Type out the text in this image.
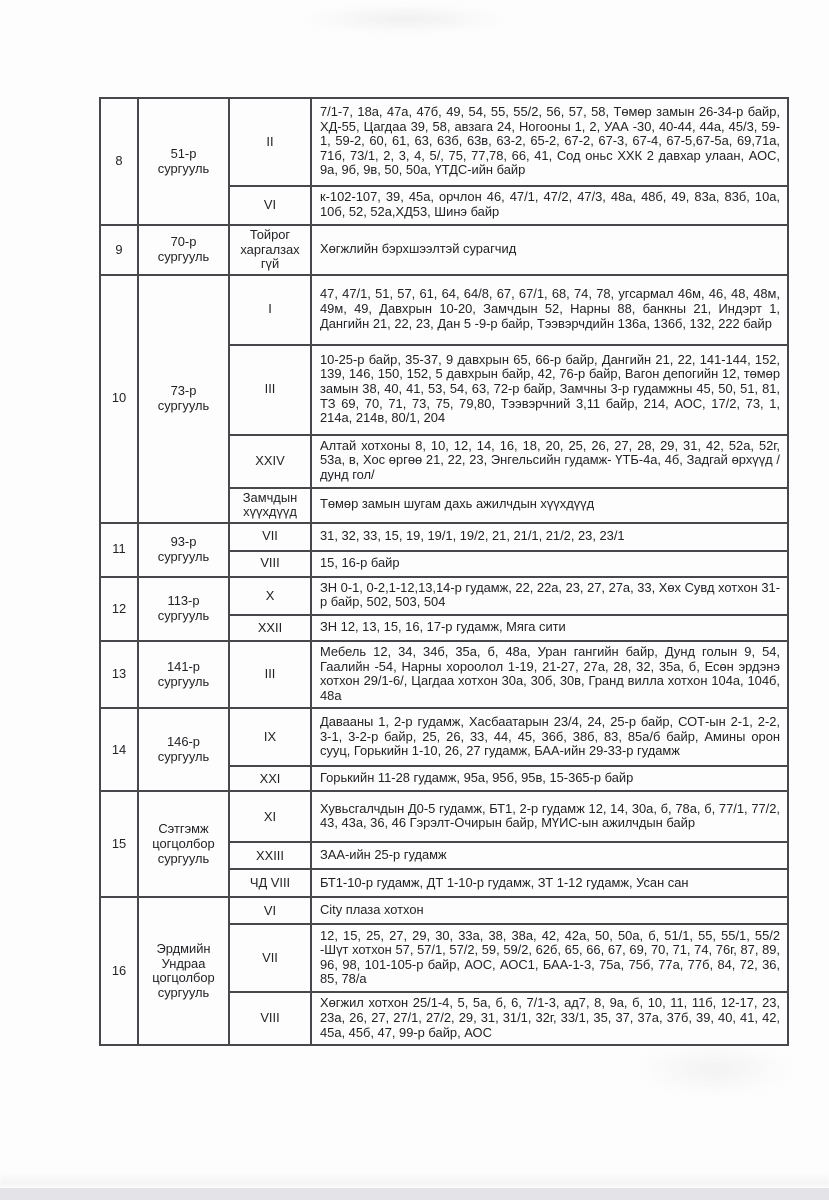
8	51-р сургууль	II	7/1-7, 18а, 47а, 47б, 49, 54, 55, 55/2, 56, 57, 58, Төмөр замын 26-34-р байр, ХД-55, Цагдаа 39, 58, авзага 24, Ногооны 1, 2, УАА -30, 40-44, 44а, 45/3, 59-1, 59-2, 60, 61, 63, 63б, 63в, 63-2, 65-2, 67-2, 67-3, 67-4, 67-5,67-5а, 69,71а, 71б, 73/1, 2, 3, 4, 5/, 75, 77,78, 66, 41, Сод оньс ХХК 2 давхар улаан, АОС, 9а, 9б, 9в, 50, 50а, ҮТДС-ийн байр
		VI	к-102-107, 39, 45а, орчлон 46, 47/1, 47/2, 47/3, 48а, 48б, 49, 83а, 83б, 10а, 10б, 52, 52а,ХД53, Шинэ байр
9	70-р сургууль	Тойрог харгалзах гүй	Хөгжлийн бэрхшээлтэй сурагчид
10	73-р сургууль	I	47, 47/1, 51, 57, 61, 64, 64/8, 67, 67/1, 68, 74, 78, угсармал 46м, 46, 48, 48м, 49м, 49, Давхрын 10-20, Замчдын 52, Нарны 88, банкны 21, Индэрт 1, Дангийн 21, 22, 23, Дан 5 -9-р байр, Тээвэрчдийн 136а, 136б, 132, 222 байр
		III	10-25-р байр, 35-37, 9 давхрын 65, 66-р байр, Дангийн 21, 22, 141-144, 152, 139, 146, 150, 152, 5 давхрын байр, 42, 76-р байр, Вагон депогийн 12, төмөр замын 38, 40, 41, 53, 54, 63, 72-р байр, Замчны 3-р гудамжны 45, 50, 51, 81, ТЗ 69, 70, 71, 73, 75, 79,80, Тээвэрчний 3,11 байр, 214, АОС, 17/2, 73, 1, 214а, 214в, 80/1, 204
		XXIV	Алтай хотхоны 8, 10, 12, 14, 16, 18, 20, 25, 26, 27, 28, 29, 31, 42, 52а, 52г, 53а, в, Хос өргөө 21, 22, 23, Энгельсийн гудамж- ҮТБ-4а, 4б, Задгай өрхүүд /дунд гол/
		Замчдын хүүхдүүд	Төмөр замын шугам дахь ажилчдын хүүхдүүд
11	93-р сургууль	VII	31, 32, 33, 15, 19, 19/1, 19/2, 21, 21/1, 21/2, 23, 23/1
		VIII	15, 16-р байр
12	113-р сургууль	X	ЗН 0-1, 0-2,1-12,13,14-р гудамж, 22, 22а, 23, 27, 27а, 33, Хөх Сувд хотхон 31-р байр, 502, 503, 504
		XXII	ЗН 12, 13, 15, 16, 17-р гудамж, Мяга сити
13	141-р сургууль	III	Мебель 12, 34, 34б, 35а, б, 48а, Уран гангийн байр, Дунд голын 9, 54, Гаалийн -54, Нарны хороолол 1-19, 21-27, 27а, 28, 32, 35а, б, Есөн эрдэнэ хотхон 29/1-6/, Цагдаа хотхон 30а, 30б, 30в, Гранд вилла хотхон 104а, 104б, 48а
14	146-р сургууль	IX	Давааны 1, 2-р гудамж, Хасбаатарын 23/4, 24, 25-р байр, СОТ-ын 2-1, 2-2, 3-1, 3-2-р байр, 25, 26, 33, 44, 45, 36б, 38б, 83, 85а/б байр, Амины орон сууц, Горькийн 1-10, 26, 27 гудамж, БАА-ийн 29-33-р гудамж
		XXI	Горькийн 11-28 гудамж, 95а, 95б, 95в, 15-365-р байр
15	Сэтгэмж цогцолбор сургууль	XI	Хувьсгалчдын Д0-5 гудамж, БТ1, 2-р гудамж 12, 14, 30а, б, 78а, б, 77/1, 77/2, 43, 43а, 36, 46 Гэрэлт-Очирын байр, МҮИС-ын ажилчдын байр
		XXIII	ЗАА-ийн 25-р гудамж
		ЧД VIII	БТ1-10-р гудамж, ДТ 1-10-р гудамж, ЗТ 1-12 гудамж, Усан сан
16	Эрдмийн Ундраа цогцолбор сургууль	VI	City плаза хотхон
		VII	12, 15, 25, 27, 29, 30, 33а, 38, 38а, 42, 42а, 50, 50а, б, 51/1, 55, 55/1, 55/2 -Шүт хотхон 57, 57/1, 57/2, 59, 59/2, 62б, 65, 66, 67, 69, 70, 71, 74, 76г, 87, 89, 96, 98, 101-105-р байр, АОС, АОС1, БАА-1-3, 75а, 75б, 77а, 77б, 84, 72, 36, 85, 78/а
		VIII	Хөгжил хотхон 25/1-4, 5, 5а, б, 6, 7/1-3, ад7, 8, 9а, б, 10, 11, 11б, 12-17, 23, 23а, 26, 27, 27/1, 27/2, 29, 31, 31/1, 32г, 33/1, 35, 37, 37а, 37б, 39, 40, 41, 42, 45а, 45б, 47, 99-р байр, АОС
